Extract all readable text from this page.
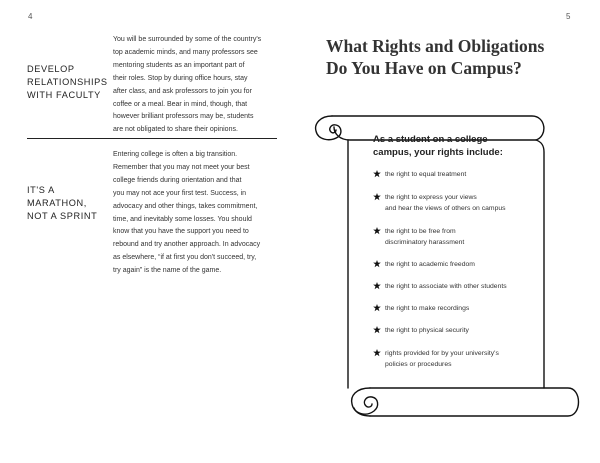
4	5
DEVELOP
RELATIONSHIPS
WITH FACULTY

You will be surrounded by some of the country's
top academic minds, and many professors see
mentoring students as an important part of
their roles. Stop by during office hours, stay
after class, and ask professors to join you for
coffee or a meal. Bear in mind, though, that
however brilliant professors may be, students
are not obligated to share their opinions.

IT'S A
MARATHON,
NOT A SPRINT

Entering college is often a big transition.
Remember that you may not meet your best
college friends during orientation and that
you may not ace your first test. Success, in
advocacy and other things, takes commitment,
time, and inevitably some losses. You should
know that you have the support you need to
rebound and try another approach. In advocacy
as elsewhere, “if at first you don't succeed, try,
try again” is the name of the game.

What Rights and Obligations
Do You Have on Campus?
As a student on a college
campus, your rights include:
the right to equal treatment
the right to express your views
and hear the views of others on campus
the right to be free from
discriminatory harassment
the right to academic freedom
the right to associate with other students
the right to make recordings
the right to physical security
rights provided for by your university's
policies or procedures
